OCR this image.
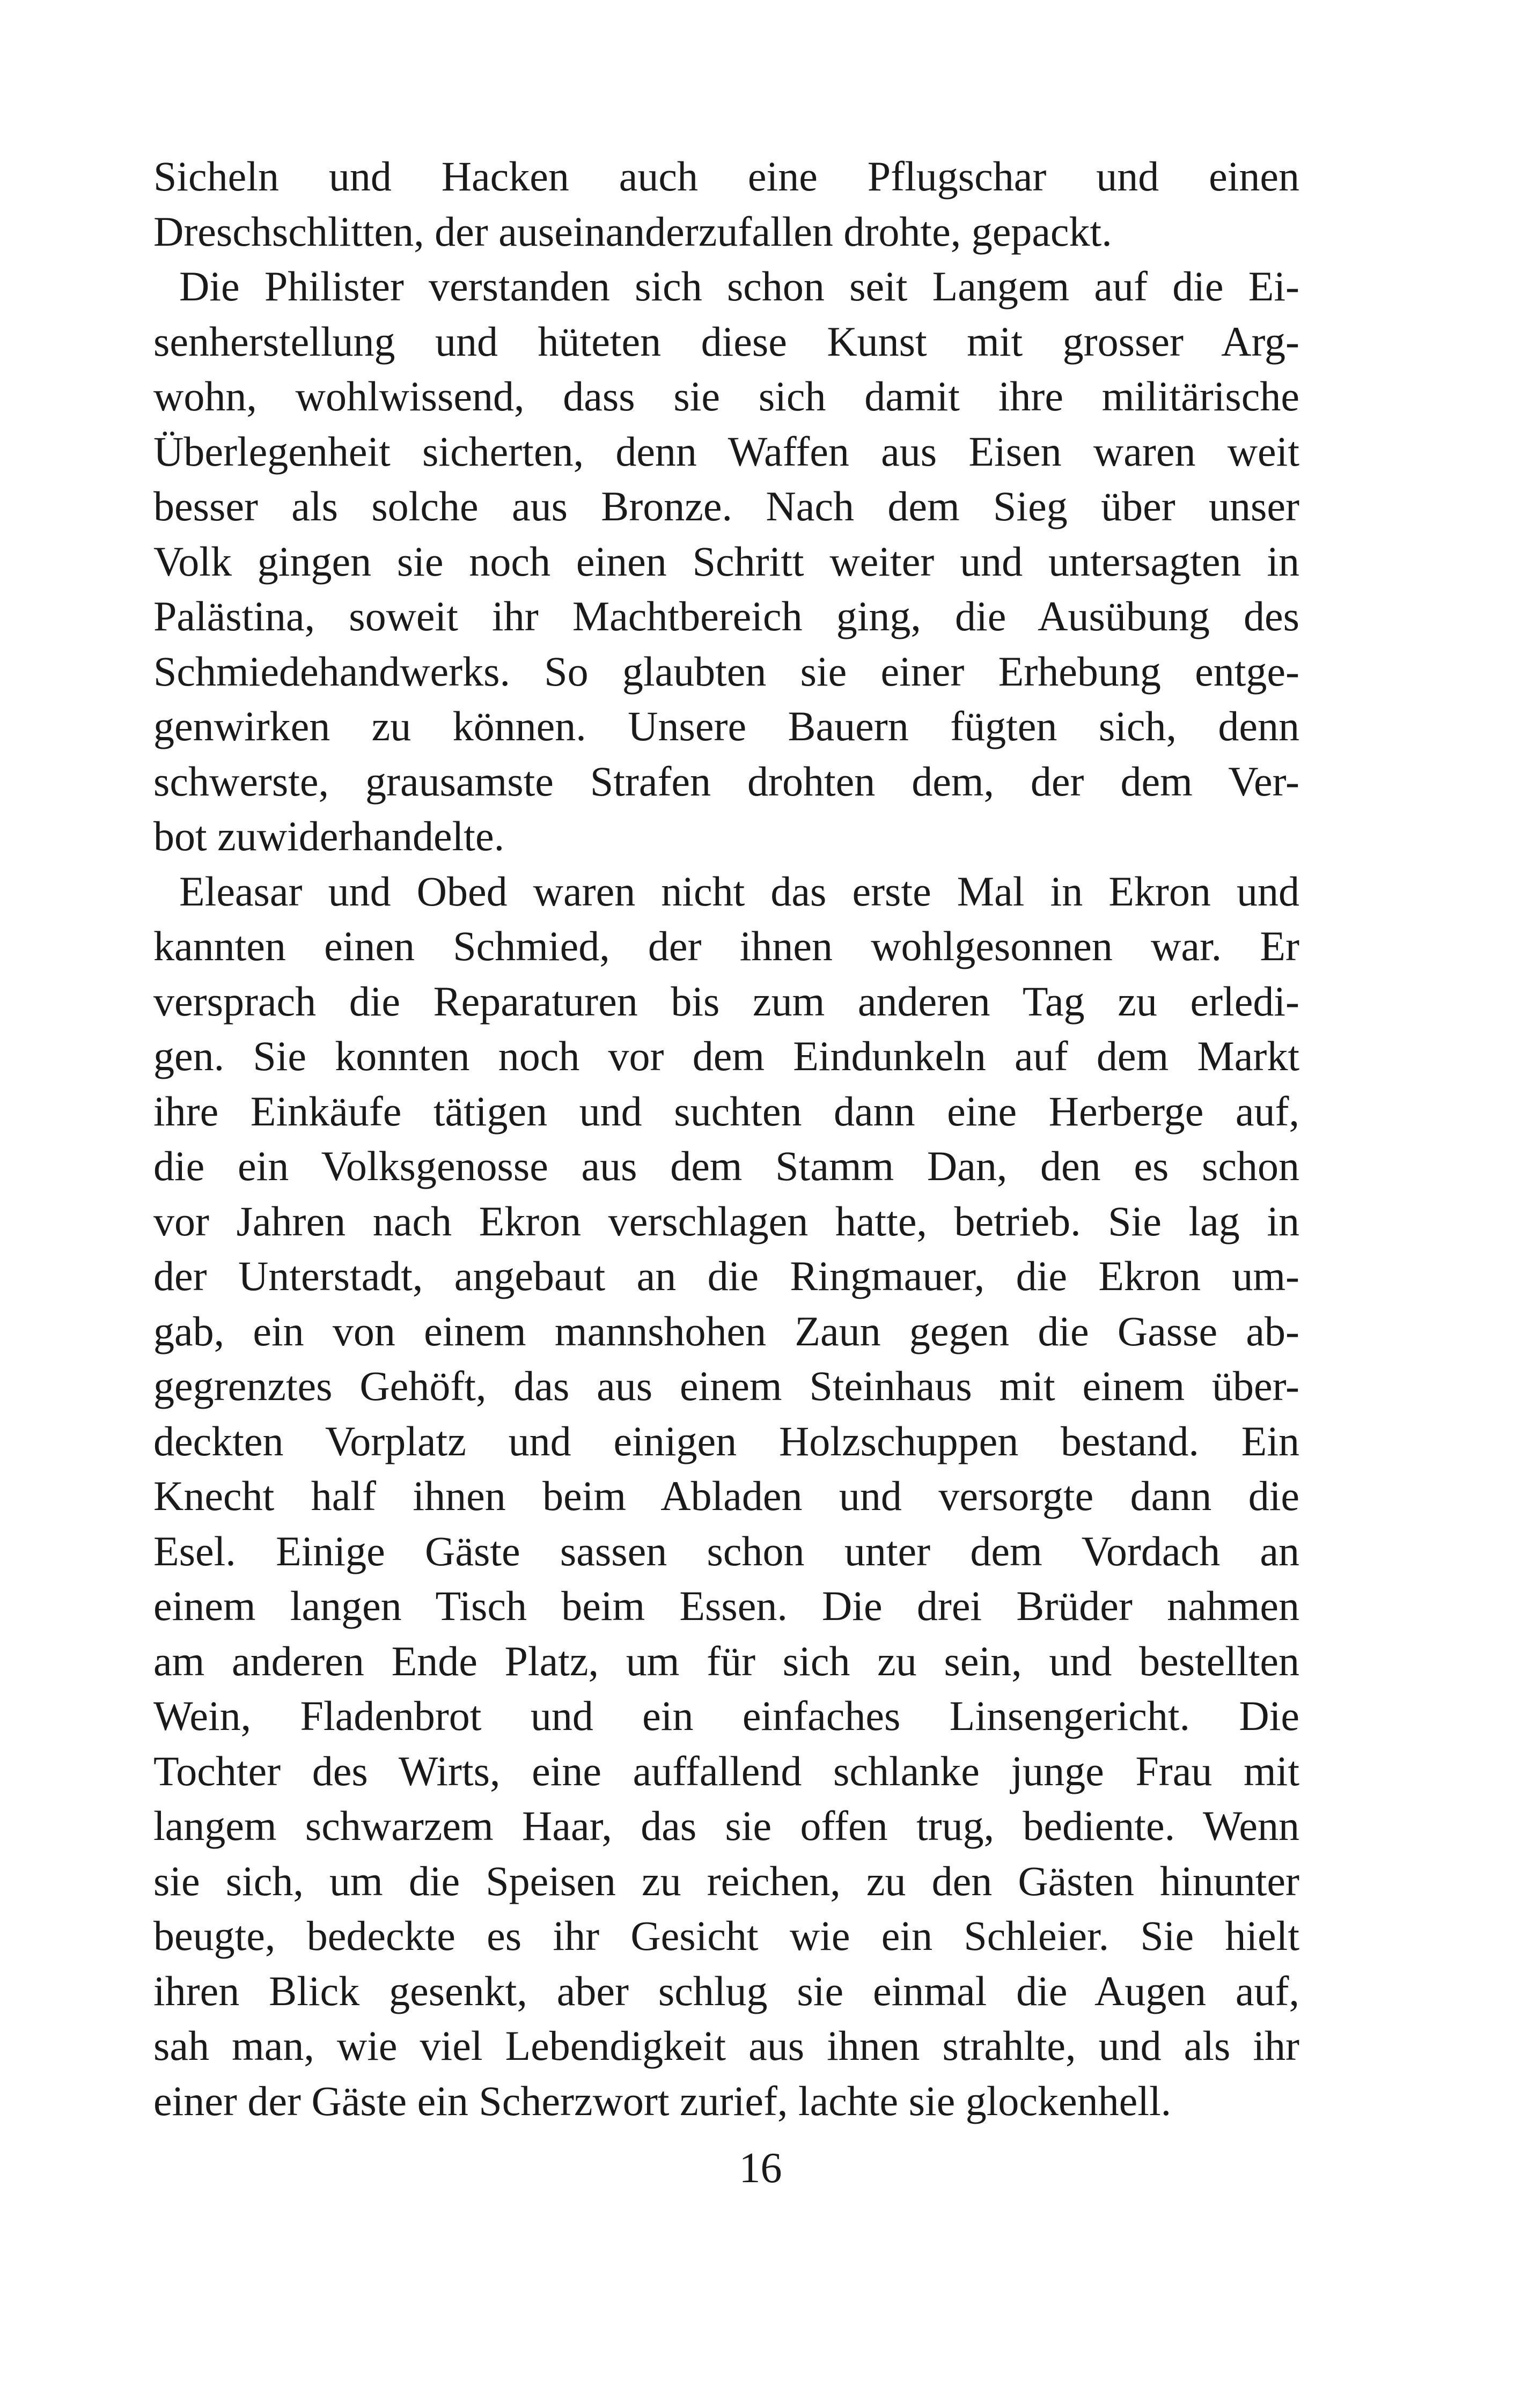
Sicheln und Hacken auch eine Pflugschar und einen
Dreschschlitten, der auseinanderzufallen drohte, gepackt.
Die Philister verstanden sich schon seit Langem auf die Ei-
senherstellung und hüteten diese Kunst mit grosser Arg-
wohn, wohlwissend, dass sie sich damit ihre militärische
Überlegenheit sicherten, denn Waffen aus Eisen waren weit
besser als solche aus Bronze. Nach dem Sieg über unser
Volk gingen sie noch einen Schritt weiter und untersagten in
Palästina, soweit ihr Machtbereich ging, die Ausübung des
Schmiedehandwerks. So glaubten sie einer Erhebung entge-
genwirken zu können. Unsere Bauern fügten sich, denn
schwerste, grausamste Strafen drohten dem, der dem Ver-
bot zuwiderhandelte.
Eleasar und Obed waren nicht das erste Mal in Ekron und
kannten einen Schmied, der ihnen wohlgesonnen war. Er
versprach die Reparaturen bis zum anderen Tag zu erledi-
gen. Sie konnten noch vor dem Eindunkeln auf dem Markt
ihre Einkäufe tätigen und suchten dann eine Herberge auf,
die ein Volksgenosse aus dem Stamm Dan, den es schon
vor Jahren nach Ekron verschlagen hatte, betrieb. Sie lag in
der Unterstadt, angebaut an die Ringmauer, die Ekron um-
gab, ein von einem mannshohen Zaun gegen die Gasse ab-
gegrenztes Gehöft, das aus einem Steinhaus mit einem über-
deckten Vorplatz und einigen Holzschuppen bestand. Ein
Knecht half ihnen beim Abladen und versorgte dann die
Esel. Einige Gäste sassen schon unter dem Vordach an
einem langen Tisch beim Essen. Die drei Brüder nahmen
am anderen Ende Platz, um für sich zu sein, und bestellten
Wein, Fladenbrot und ein einfaches Linsengericht. Die
Tochter des Wirts, eine auffallend schlanke junge Frau mit
langem schwarzem Haar, das sie offen trug, bediente. Wenn
sie sich, um die Speisen zu reichen, zu den Gästen hinunter
beugte, bedeckte es ihr Gesicht wie ein Schleier. Sie hielt
ihren Blick gesenkt, aber schlug sie einmal die Augen auf,
sah man, wie viel Lebendigkeit aus ihnen strahlte, und als ihr
einer der Gäste ein Scherzwort zurief, lachte sie glockenhell.
16
